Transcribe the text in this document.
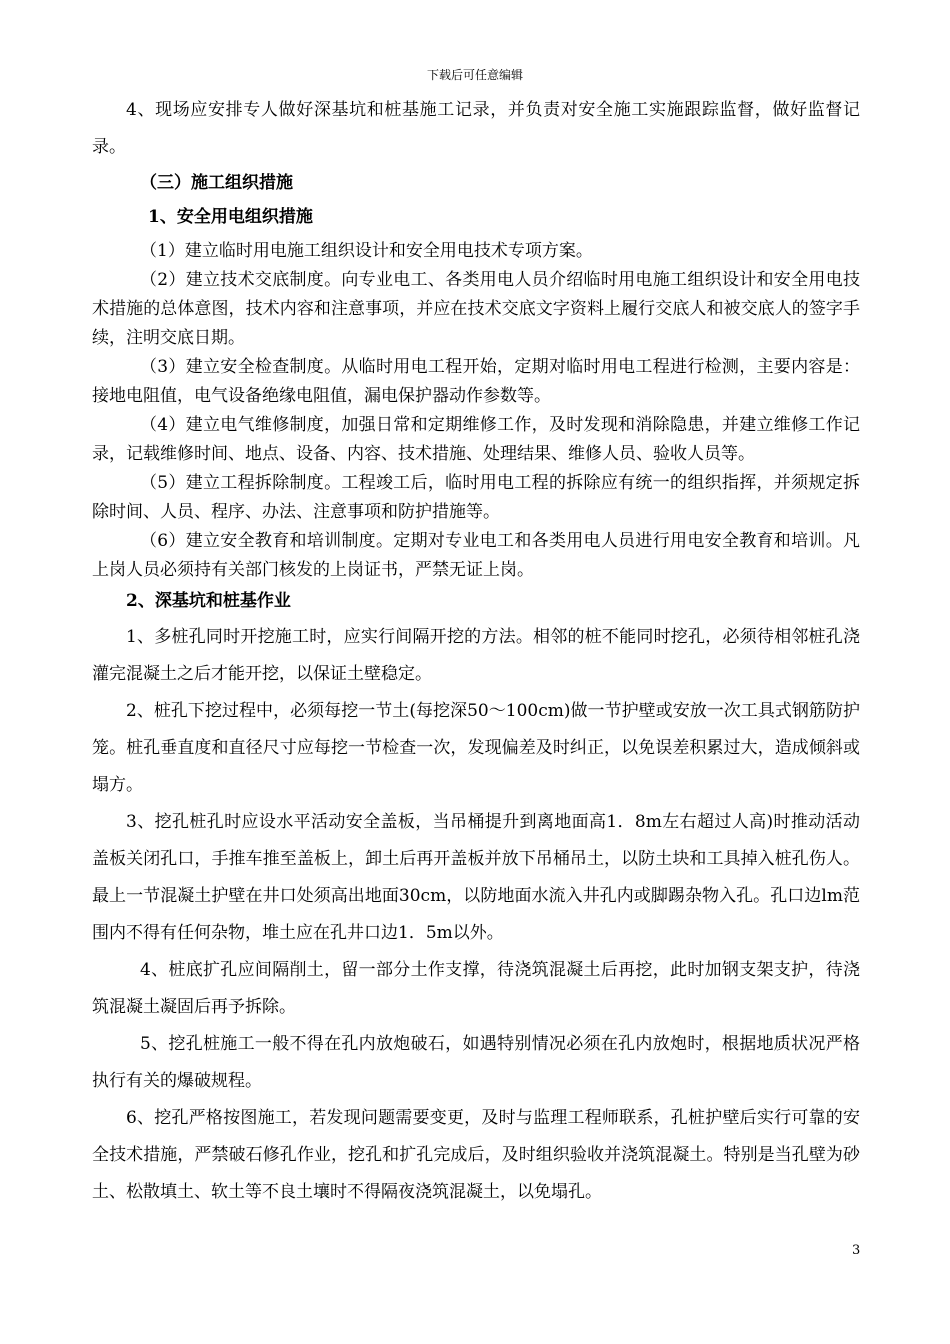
下载后可任意编辑

4、现场应安排专人做好深基坑和桩基施工记录，并负责对安全施工实施跟踪监督，做好监督记录。

（三）施工组织措施

1、安全用电组织措施

（1）建立临时用电施工组织设计和安全用电技术专项方案。

（2）建立技术交底制度。向专业电工、各类用电人员介绍临时用电施工组织设计和安全用电技术措施的总体意图，技术内容和注意事项，并应在技术交底文字资料上履行交底人和被交底人的签字手续，注明交底日期。

（3）建立安全检查制度。从临时用电工程开始，定期对临时用电工程进行检测，主要内容是：接地电阻值，电气设备绝缘电阻值，漏电保护器动作参数等。

（4）建立电气维修制度，加强日常和定期维修工作，及时发现和消除隐患，并建立维修工作记录，记载维修时间、地点、设备、内容、技术措施、处理结果、维修人员、验收人员等。

（5）建立工程拆除制度。工程竣工后，临时用电工程的拆除应有统一的组织指挥，并须规定拆除时间、人员、程序、办法、注意事项和防护措施等。

（6）建立安全教育和培训制度。定期对专业电工和各类用电人员进行用电安全教育和培训。凡上岗人员必须持有关部门核发的上岗证书，严禁无证上岗。

2、深基坑和桩基作业

1、多桩孔同时开挖施工时，应实行间隔开挖的方法。相邻的桩不能同时挖孔，必须待相邻桩孔浇灌完混凝土之后才能开挖，以保证土壁稳定。

2、桩孔下挖过程中，必须每挖一节土(每挖深50～100cm)做一节护壁或安放一次工具式钢筋防护笼。桩孔垂直度和直径尺寸应每挖一节检查一次，发现偏差及时纠正，以免误差积累过大，造成倾斜或塌方。

3、挖孔桩孔时应设水平活动安全盖板，当吊桶提升到离地面高1．8m左右超过人高)时推动活动盖板关闭孔口，手推车推至盖板上，卸土后再开盖板并放下吊桶吊土，以防土块和工具掉入桩孔伤人。最上一节混凝土护壁在井口处须高出地面30cm，以防地面水流入井孔内或脚踢杂物入孔。孔口边lm范围内不得有任何杂物，堆土应在孔井口边1．5m以外。

4、桩底扩孔应间隔削土，留一部分土作支撑，待浇筑混凝土后再挖，此时加钢支架支护，待浇筑混凝土凝固后再予拆除。

5、挖孔桩施工一般不得在孔内放炮破石，如遇特别情况必须在孔内放炮时，根据地质状况严格执行有关的爆破规程。

6、挖孔严格按图施工，若发现问题需要变更，及时与监理工程师联系，孔桩护壁后实行可靠的安全技术措施，严禁破石修孔作业，挖孔和扩孔完成后，及时组织验收并浇筑混凝土。特别是当孔壁为砂土、松散填土、软土等不良土壤时不得隔夜浇筑混凝土，以免塌孔。

3
